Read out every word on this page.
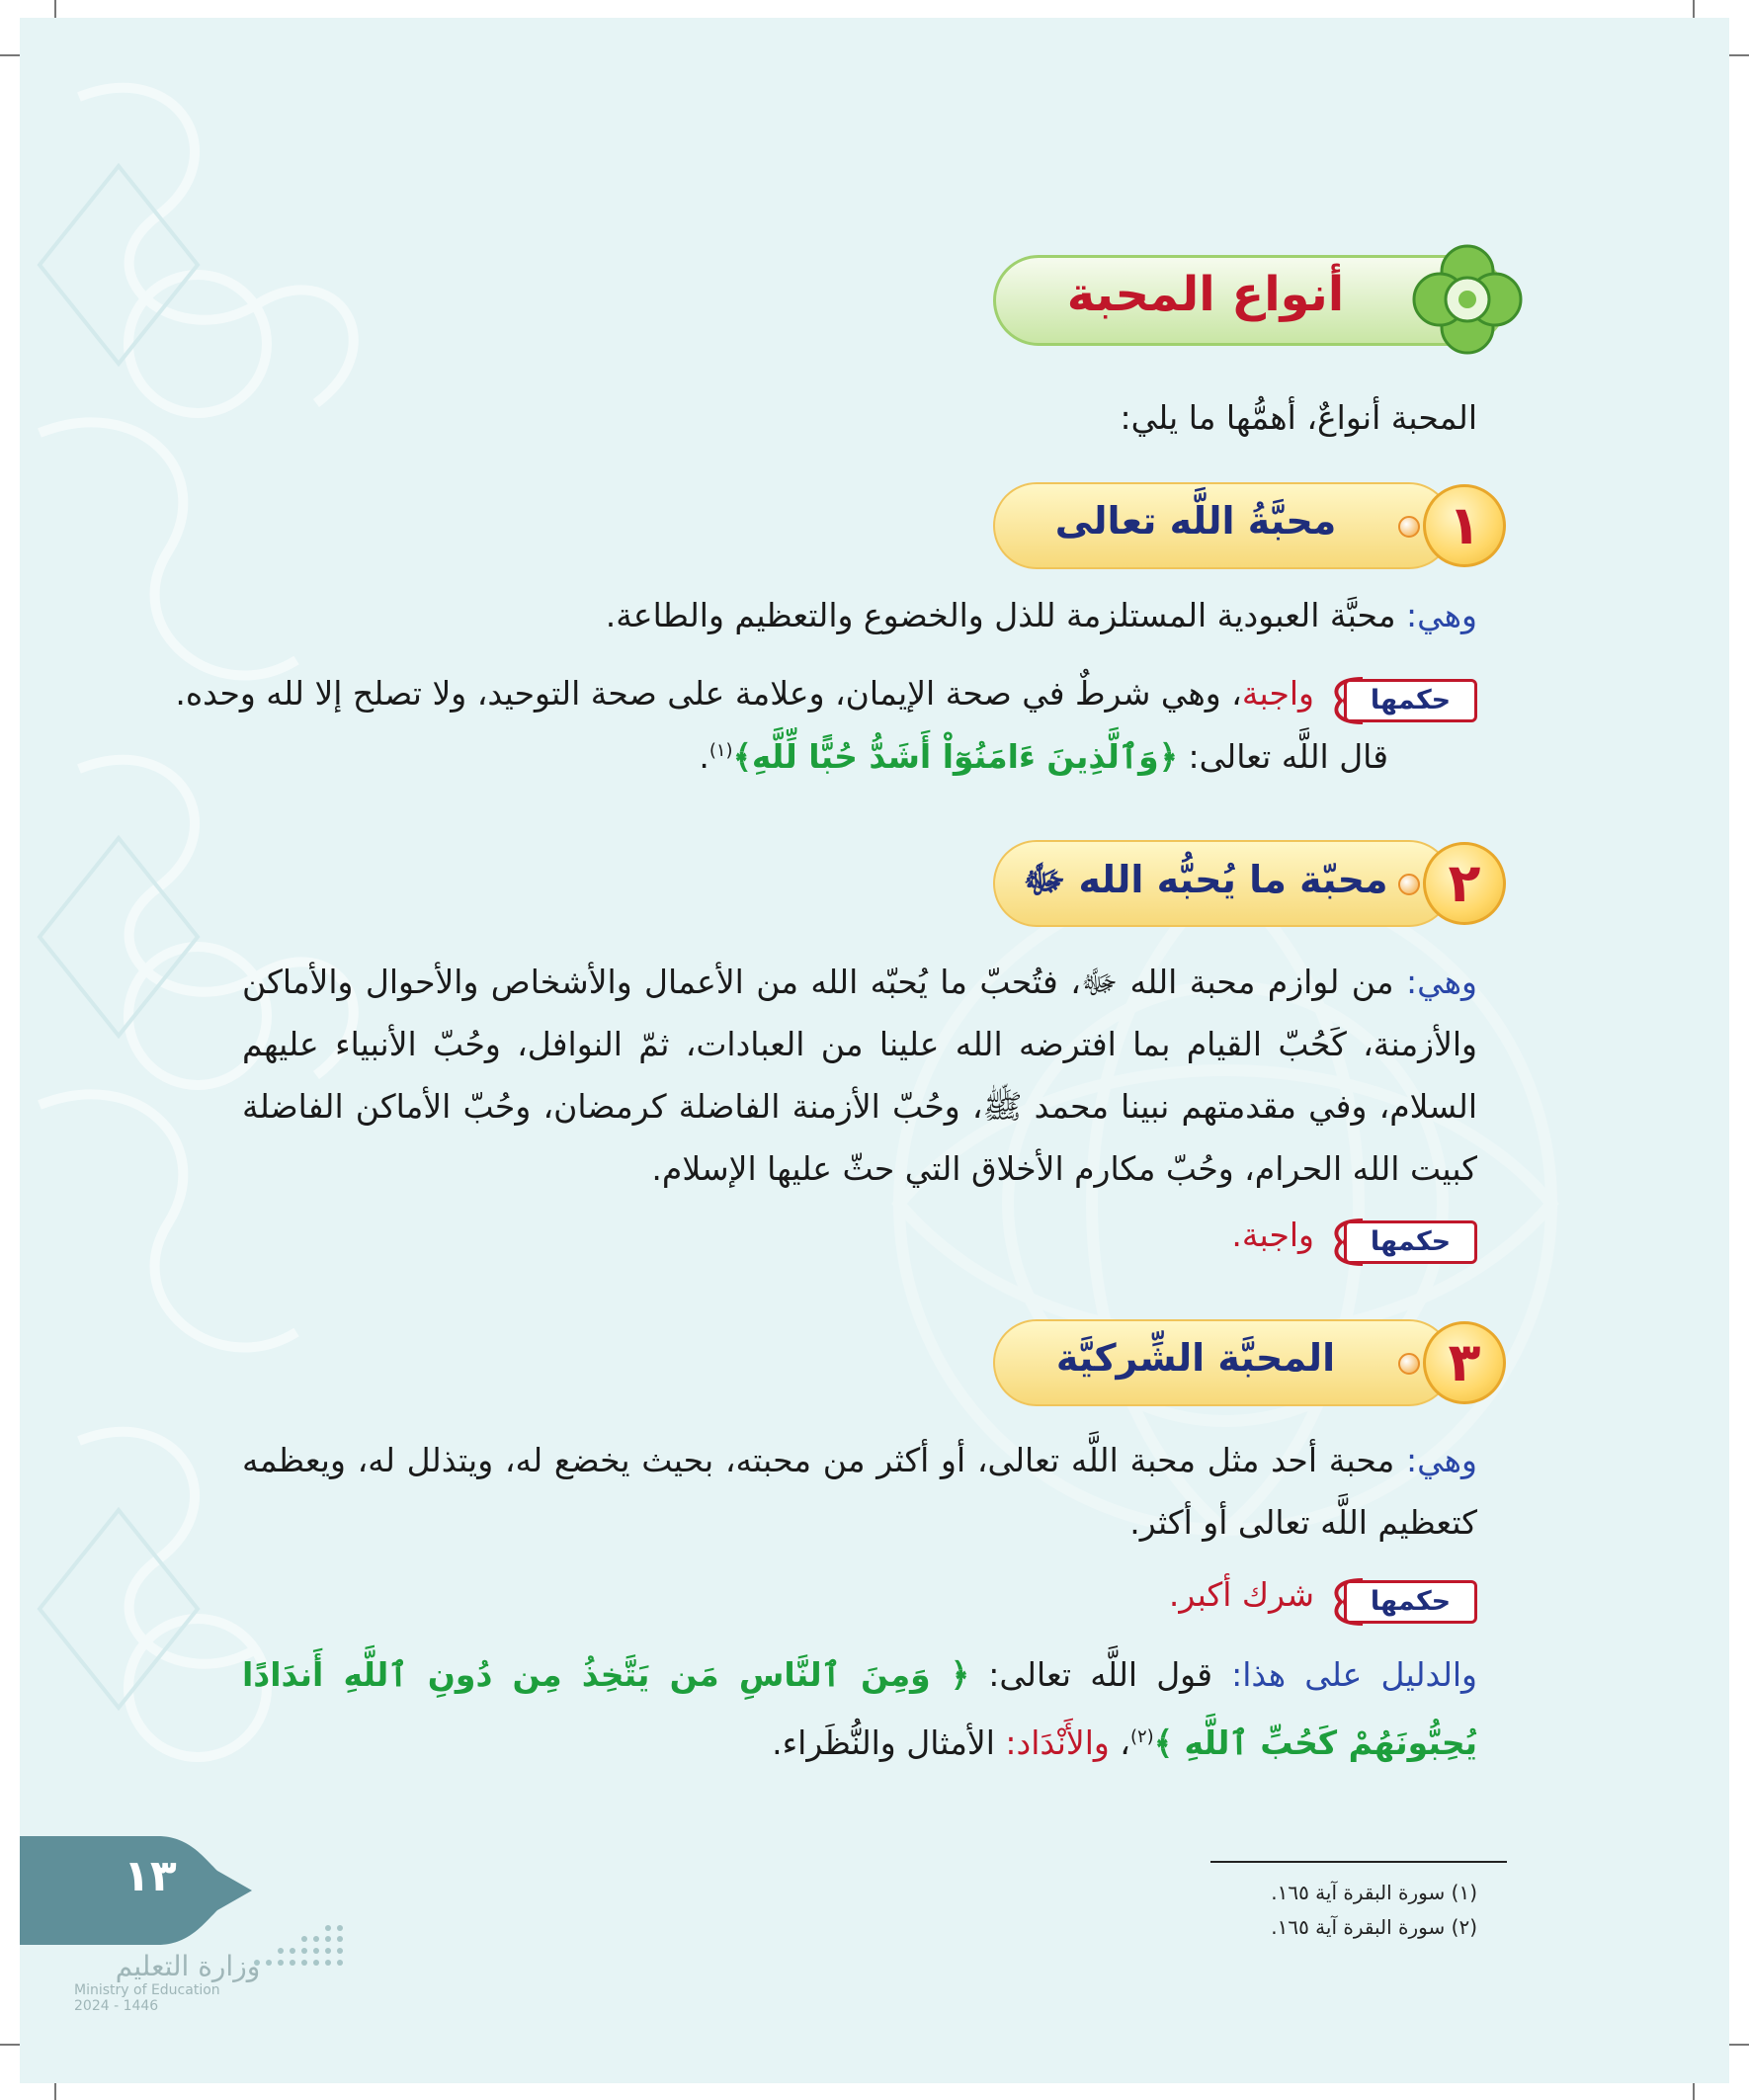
أنواع المحبة
المحبة أنواعٌ، أهمُّها ما يلي:
محبَّةُ اللَّه تعالى	١
وهي: محبَّة العبودية المستلزمة للذل والخضوع والتعظيم والطاعة.
حكمها
واجبة، وهي شرطٌ في صحة الإيمان، وعلامة على صحة التوحيد، ولا تصلح إلا لله وحده.
قال اللَّه تعالى: ﴿وَٱلَّذِينَ ءَامَنُوٓاْ أَشَدُّ حُبًّا لِّلَّهِ﴾$^{(١)}$.
محبّة ما يُحبُّه الله ﷻ	٢
وهي: من لوازم محبة الله ﷻ، فتُحبّ ما يُحبّه الله من الأعمال والأشخاص والأحوال والأماكن والأزمنة، كَحُبّ القيام بما افترضه الله علينا من العبادات، ثمّ النوافل، وحُبّ الأنبياء عليهم السلام، وفي مقدمتهم نبينا محمد ﷺ، وحُبّ الأزمنة الفاضلة كرمضان، وحُبّ الأماكن الفاضلة كبيت الله الحرام، وحُبّ مكارم الأخلاق التي حثّ عليها الإسلام.
حكمها
واجبة.
المحبَّة الشِّركيَّة	٣
وهي: محبة أحد مثل محبة اللَّه تعالى، أو أكثر من محبته، بحيث يخضع له، ويتذلل له، ويعظمه كتعظيم اللَّه تعالى أو أكثر.
حكمها
شرك أكبر.
والدليل على هذا: قول اللَّه تعالى: ﴿ وَمِنَ ٱلنَّاسِ مَن يَتَّخِذُ مِن دُونِ ٱللَّهِ أَندَادًا يُحِبُّونَهُمْ كَحُبِّ ٱللَّهِ ﴾$^{(٢)}$، والأَنْدَاد: الأمثال والنُّظَراء.
(١) سورة البقرة آية ١٦٥.
(٢) سورة البقرة آية ١٦٥.
١٣
وزارة التعليم
Ministry of Education
2024 - 1446
